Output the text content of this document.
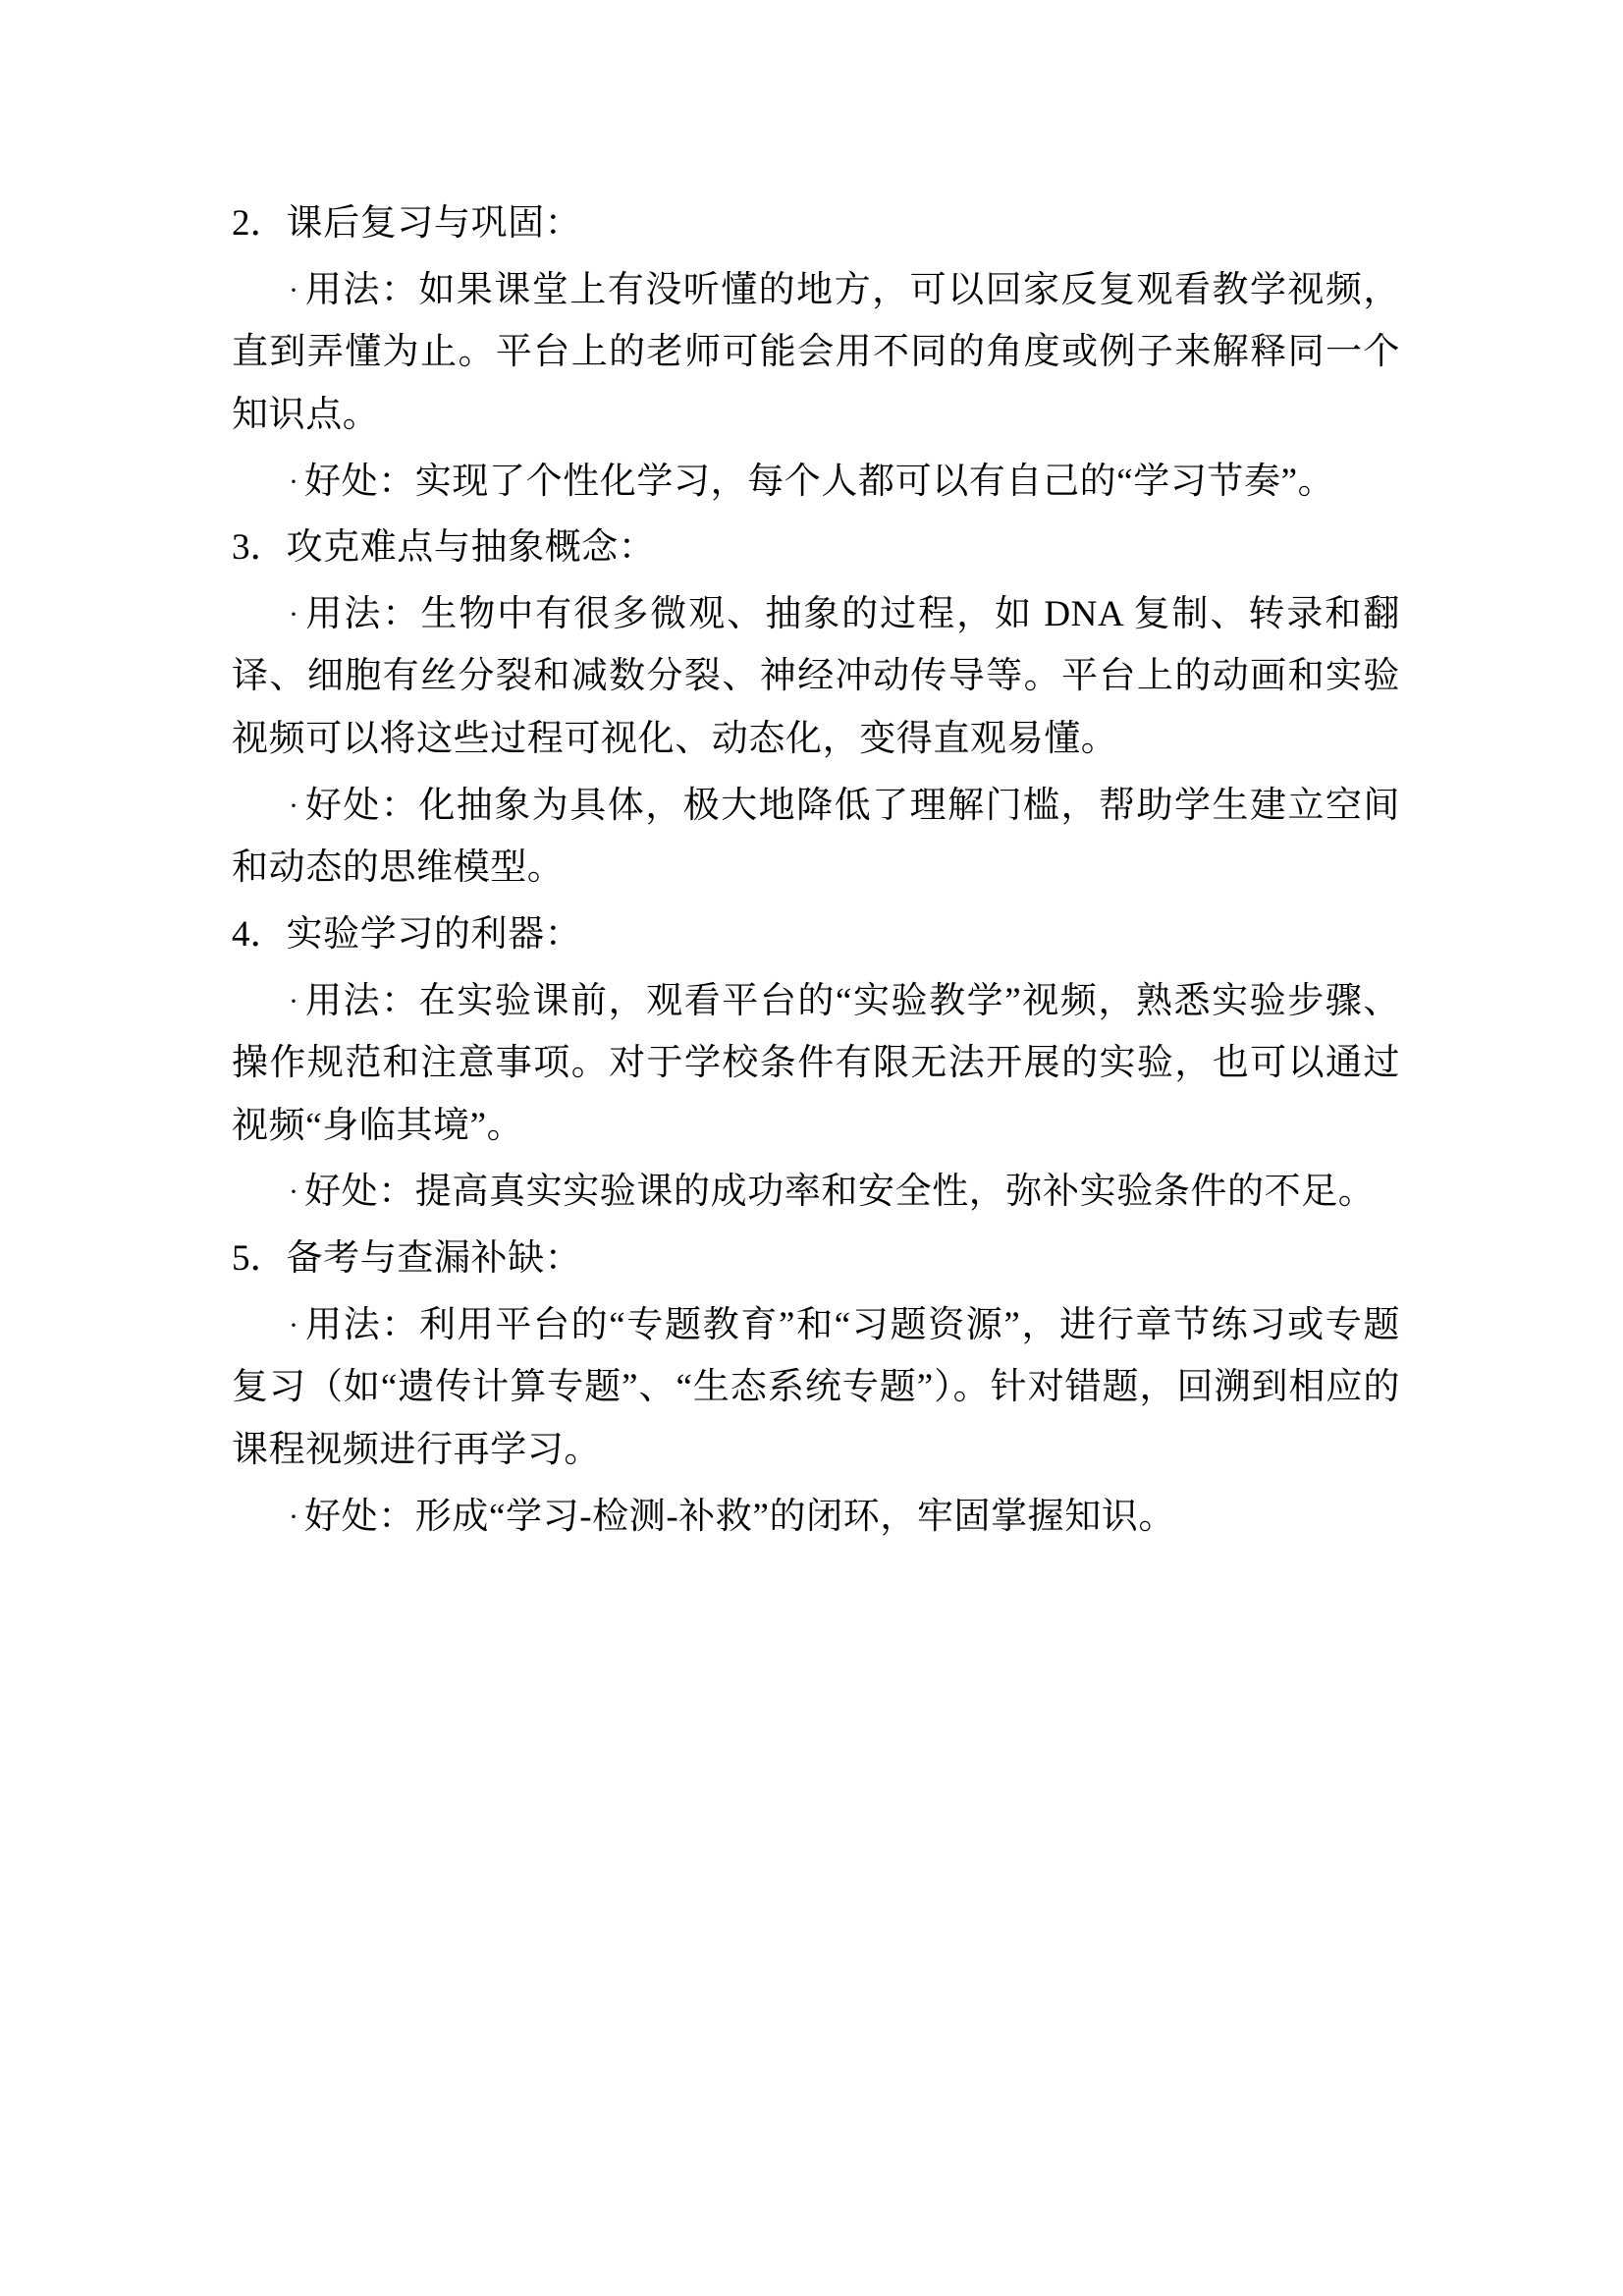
2．课后复习与巩固：

·用法：如果课堂上有没听懂的地方，可以回家反复观看教学视频，直到弄懂为止。平台上的老师可能会用不同的角度或例子来解释同一个知识点。

·好处：实现了个性化学习，每个人都可以有自己的“学习节奏”。

3．攻克难点与抽象概念：

·用法：生物中有很多微观、抽象的过程，如 DNA 复制、转录和翻译、细胞有丝分裂和减数分裂、神经冲动传导等。平台上的动画和实验视频可以将这些过程可视化、动态化，变得直观易懂。

·好处：化抽象为具体，极大地降低了理解门槛，帮助学生建立空间和动态的思维模型。

4．实验学习的利器：

·用法：在实验课前，观看平台的“实验教学”视频，熟悉实验步骤、操作规范和注意事项。对于学校条件有限无法开展的实验，也可以通过视频“身临其境”。

·好处：提高真实实验课的成功率和安全性，弥补实验条件的不足。

5．备考与查漏补缺：

·用法：利用平台的“专题教育”和“习题资源”，进行章节练习或专题复习（如“遗传计算专题”、“生态系统专题”）。针对错题，回溯到相应的课程视频进行再学习。

·好处：形成“学习-检测-补救”的闭环，牢固掌握知识。
